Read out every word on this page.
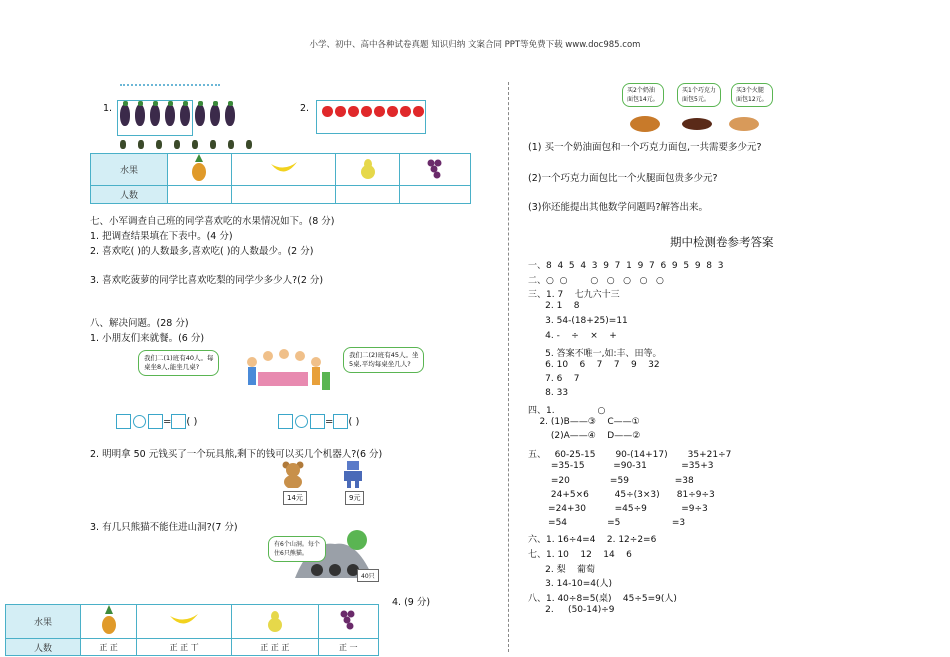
小学、初中、高中各种试卷真题 知识归纳 文案合同 PPT等免费下载 www.doc985.com
1.	2.
水果				
人数				
七、小军调查自己班的同学喜欢吃的水果情况如下。(8 分)
1. 把调查结果填在下表中。(4 分)
2. 喜欢吃( )的人数最多,喜欢吃( )的人数最少。(2 分)
3. 喜欢吃菠萝的同学比喜欢吃梨的同学少多少人?(2 分)
八、解决问题。(28 分)
1. 小朋友们来就餐。(6 分)
我们二(1)班有40人。每
桌坐8人,能坐几桌?
我们二(2)班有45人。坐
5桌,平均每桌坐几人?
= ( )	= ( )
2. 明明拿 50 元钱买了一个玩具熊,剩下的钱可以买几个机器人?(6 分)
14元	9元
3. 有几只熊猫不能住进山洞?(7 分)
有6个山洞。每个
住6只熊猫。
40只
4. (9 分)
水果				
人数	正 正	正 正 丅	正 正 正	正 一
买2个奶油
面包14元。
买1个巧克力
面包5元。
买3个火腿
面包12元。
(1) 买一个奶油面包和一个巧克力面包,一共需要多少元?
(2)一个巧克力面包比一个火腿面包贵多少元?
(3)你还能提出其他数学问题吗?解答出来。
期中检测卷参考答案
一、8  4  5  4  3  9  7  1  9  7  6  9  5  9  8  3
二、○  ○        ○   ○   ○   ○   ○
三、1. 7    七九六十三
2. 1    8
3. 54-(18+25)=11
4. -    ÷    ×    +
5. 答案不唯一,如:丰、田等。
6. 10    6    7    7    9    32
7. 6    7
8. 33
四、1.               ○
2. (1)B——③    C——①
(2)A——④    D——②
五、   60-25-15       90-(14+17)       35+21÷7
=35-15          =90-31            =35+3
=20              =59                =38
24+5×6         45÷(3×3)      81÷9÷3
=24+30          =45÷9            =9÷3
=54              =5                  =3
六、1. 16÷4=4    2. 12÷2=6
七、1. 10    12    14    6
2. 梨    葡萄
3. 14-10=4(人)
八、1. 40÷8=5(桌)    45÷5=9(人)
2.     (50-14)÷9
